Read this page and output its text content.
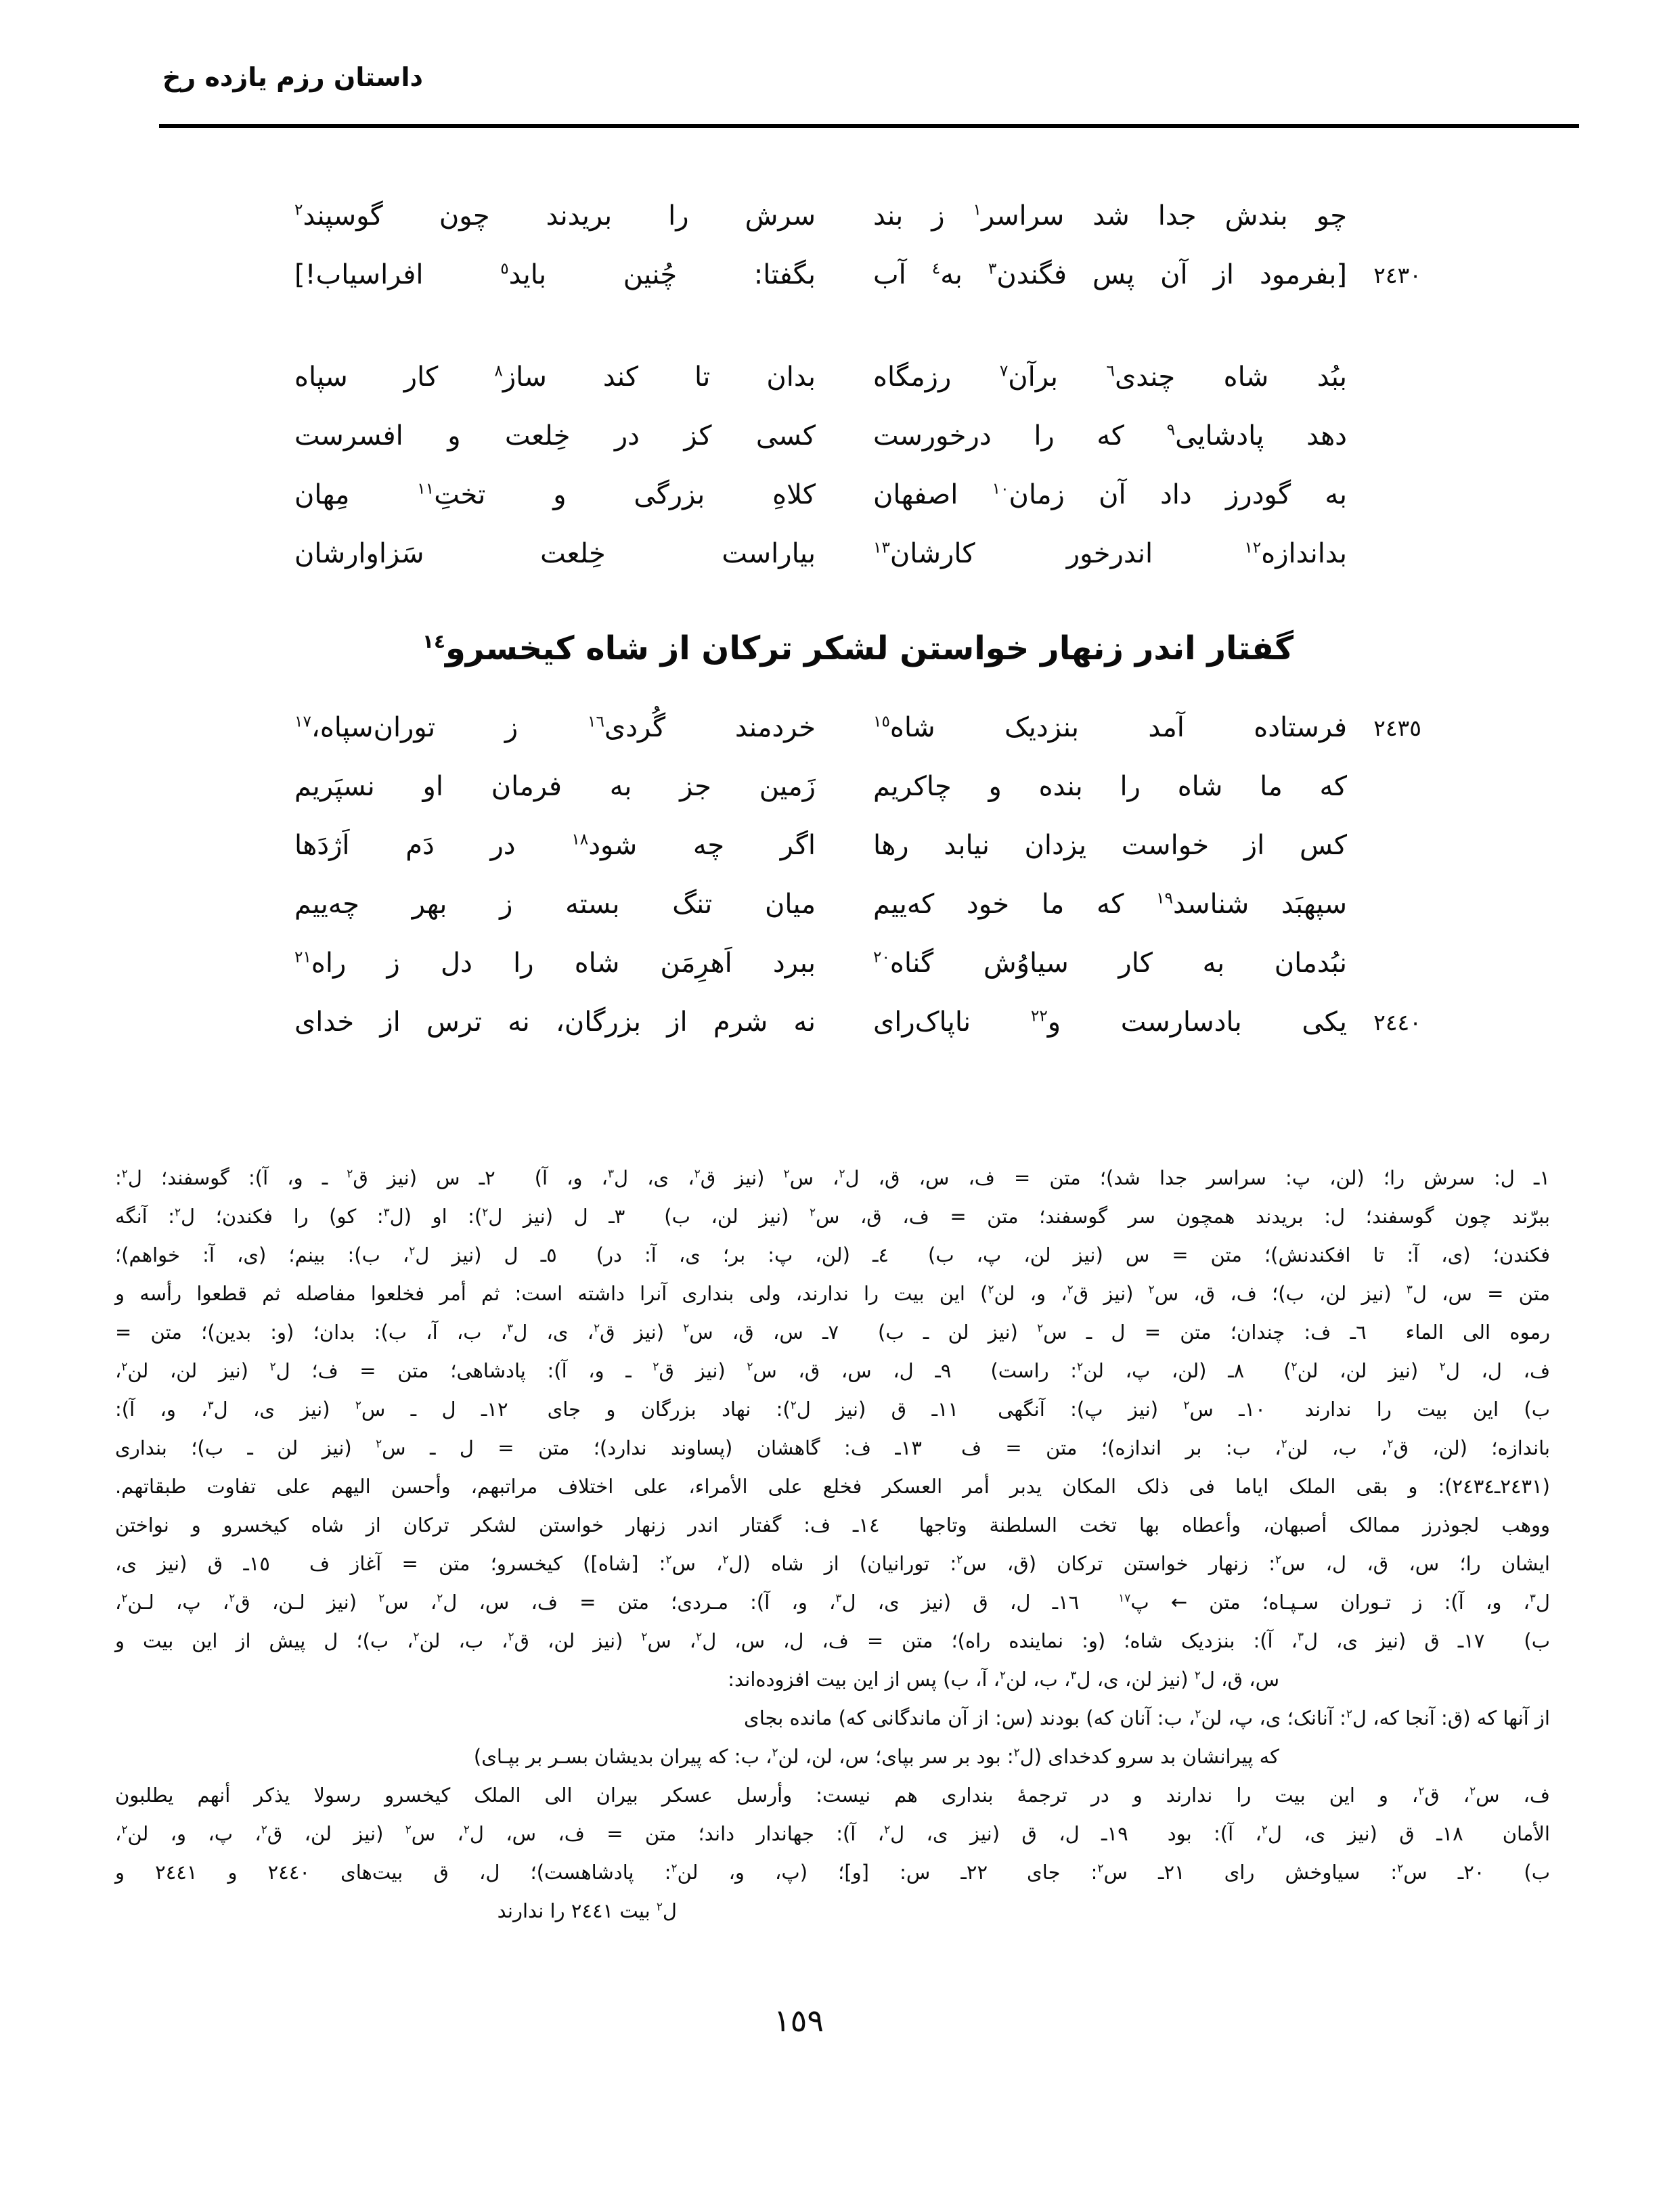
داستان رزم یازده رخ
چو بندش جدا شد سراسر$^١$ ز بند
سرش را بریدند چون گوسپند$^٢$
٢٤٣٠
[بفرمود از آن پس فگندن$^٣$ به$^٤$ آب
بگفتا: چُنین باید$^٥$ افراسیاب!]
ببُد شاه چندی$^٦$ برآن$^٧$ رزمگاه
بدان تا کند ساز$^٨$ کار سپاه
دهد پادشایی$^٩$ که را درخورست
کسی کز در خِلعت و افسرست
به گودرز داد آن زمان$^{١٠}$ اصفهان
کلاهِ بزرگی و تختِ$^{١١}$ مِهان
بداندازه$^{١٢}$ اندرخور کارشان$^{١٣}$
بیاراست خِلعت سَزاوارشان
گفتار اندر زنهار خواستن لشکر ترکان از شاه کیخسرو$^{١٤}$
٢٤٣٥
فرستاده آمد بنزدیک شاه$^{١٥}$
خردمند گُردی$^{١٦}$ ز توران‌سپاه،$^{١٧}$
که ما شاه را بنده و چاکریم
زَمین جز به فرمان او نسپَریم
کس از خواست یزدان نیابد رها
اگر چه شود$^{١٨}$ در دَم اَژدَها
سپهبَد شناسد$^{١٩}$ که ما خود که‌ییم
میان تنگ بسته ز بهر چه‌ییم
نبُدمان به کار سیاوُش گناه$^{٢٠}$
ببرد اَهرِمَن شاه را دل ز راه$^{٢١}$
٢٤٤٠
یکی بادسارست و$^{٢٢}$ ناپاک‌رای
نه شرم از بزرگان، نه ترس از خدای
١ـ ل: سرش را؛ (لن، پ: سراسر جدا شد)؛ متن = ف، س، ق، ل$^٢$، س$^٢$ (نیز ق$^٢$، ی، ل$^٣$، و، آ)  ٢ـ س (نیز ق$^٢$ ـ و، آ): گوسفند؛ ل$^٢$:
ببرّند چون گوسفند؛ ل: بریدند همچون سر گوسفند؛ متن = ف، ق، س$^٢$ (نیز لن، ب)  ٣ـ ل (نیز ل$^٢$): او (ل$^٣$: کو) را فکندن؛ ل$^٢$: آنگه
فکندن؛ (ی، آ: تا افکندنش)؛ متن = س (نیز لن، پ، ب)  ٤ـ (لن، پ: بر؛ ی، آ: در)  ٥ـ ل (نیز ل$^٢$، ب): بینم؛ (ی، آ: خواهم)؛
متن = س، ل$^٣$ (نیز لن، ب)؛ ف، ق، س$^٢$ (نیز ق$^٢$، و، لن$^٢$) این بیت را ندارند، ولی بنداری آنرا داشته است: ثم أمر فخلعوا مفاصله ثم قطعوا رأسه و
رموه الی الماء  ٦ـ ف: چندان؛ متن = ل ـ س$^٢$ (نیز لن ـ ب)  ٧ـ س، ق، س$^٢$ (نیز ق$^٢$، ی، ل$^٣$، ب، آ، ب): بدان؛ (و: بدین)؛ متن =
ف، ل، ل$^٢$ (نیز لن، لن$^٢$)  ٨ـ (لن، پ، لن$^٢$: راست)  ٩ـ ل، س، ق، س$^٢$ (نیز ق$^٢$ ـ و، آ): پادشاهی؛ متن = ف؛ ل$^٢$ (نیز لن، لن$^٢$،
ب) این بیت را ندارند  ١٠ـ س$^٢$ (نیز پ): آنگهی  ١١ـ ق (نیز ل$^٢$): نهاد بزرگان و جای  ١٢ـ ل ـ س$^٢$ (نیز ی، ل$^٣$، و، آ):
باندازه؛ (لن، ق$^٢$، ب، لن$^٢$، ب: بر اندازه)؛ متن = ف  ١٣ـ ف: گاهشان (پساوند ندارد)؛ متن = ل ـ س$^٢$ (نیز لن ـ ب)؛ بنداری
(٢٤٣١ـ٢٤٣٤): و بقی الملک ایاما فی ذلک المکان یدبر أمر العسکر فخلع علی الأمراء، علی اختلاف مراتبهم، وأحسن الیهم علی تفاوت طبقاتهم.
ووهب لجوذرز ممالک أصبهان، وأعطاه بها تخت السلطنة وتاجها  ١٤ـ ف: گفتار اندر زنهار خواستن لشکر ترکان از شاه کیخسرو و نواختن
ایشان را؛ س، ق، ل، س$^٢$: زنهار خواستن ترکان (ق، س$^٢$: تورانیان) از شاه (ل$^٢$، س$^٢$: [شاه]) کیخسرو؛ متن = آغاز ف  ١٥ـ ق (نیز ی،
ل$^٣$، و، آ): ز تـوران سـپـاه؛ متن ← پ$^{١٧}$  ١٦ـ ل، ق (نیز ی، ل$^٣$، و، آ): مـردی؛ متن = ف، س، ل$^٢$، س$^٢$ (نیز لـن، ق$^٢$، پ، لـن$^٢$،
ب)  ١٧ـ ق (نیز ی، ل$^٣$، آ): بنزدیک شاه؛ (و: نماینده راه)؛ متن = ف، ل، س، ل$^٢$، س$^٢$ (نیز لن، ق$^٢$، ب، لن$^٢$، ب)؛ ل پیش از این بیت و
س، ق، ل$^٢$ (نیز لن، ی، ل$^٣$، ب، لن$^٢$، آ، ب) پس از این بیت افزوده‌اند:
از آنها که (ق: آنجا که، ل$^٢$: آنانک؛ ی، پ، لن$^٢$، ب: آنان که) بودند (س: از آن ماندگانی که) مانده بجای
که پیرانشان بد سرو کدخدای (ل$^٢$: بود بر سر بپای؛ س، لن، لن$^٢$، ب: که پیران بدیشان بسـر بر بپـای)
ف، س$^٢$، ق$^٢$، و این بیت را ندارند و در ترجمهٔ بنداری هم نیست: وأرسل عسکر بیران الی الملک کیخسرو رسولا یذکر أنهم یطلبون
الأمان  ١٨ـ ق (نیز ی، ل$^٢$، آ): بود  ١٩ـ ل، ق (نیز ی، ل$^٢$، آ): جهاندار داند؛ متن = ف، س، ل$^٢$، س$^٢$ (نیز لن، ق$^٢$، پ، و، لن$^٢$،
ب)  ٢٠ـ س$^٢$: سیاوخش رای  ٢١ـ س$^٢$: جای  ٢٢ـ س: [و]؛ (پ، و، لن$^٢$: پادشاهست)؛ ل، ق بیت‌های ٢٤٤٠ و ٢٤٤١ و
ل$^٢$ بیت ٢٤٤١ را ندارند
١٥٩
